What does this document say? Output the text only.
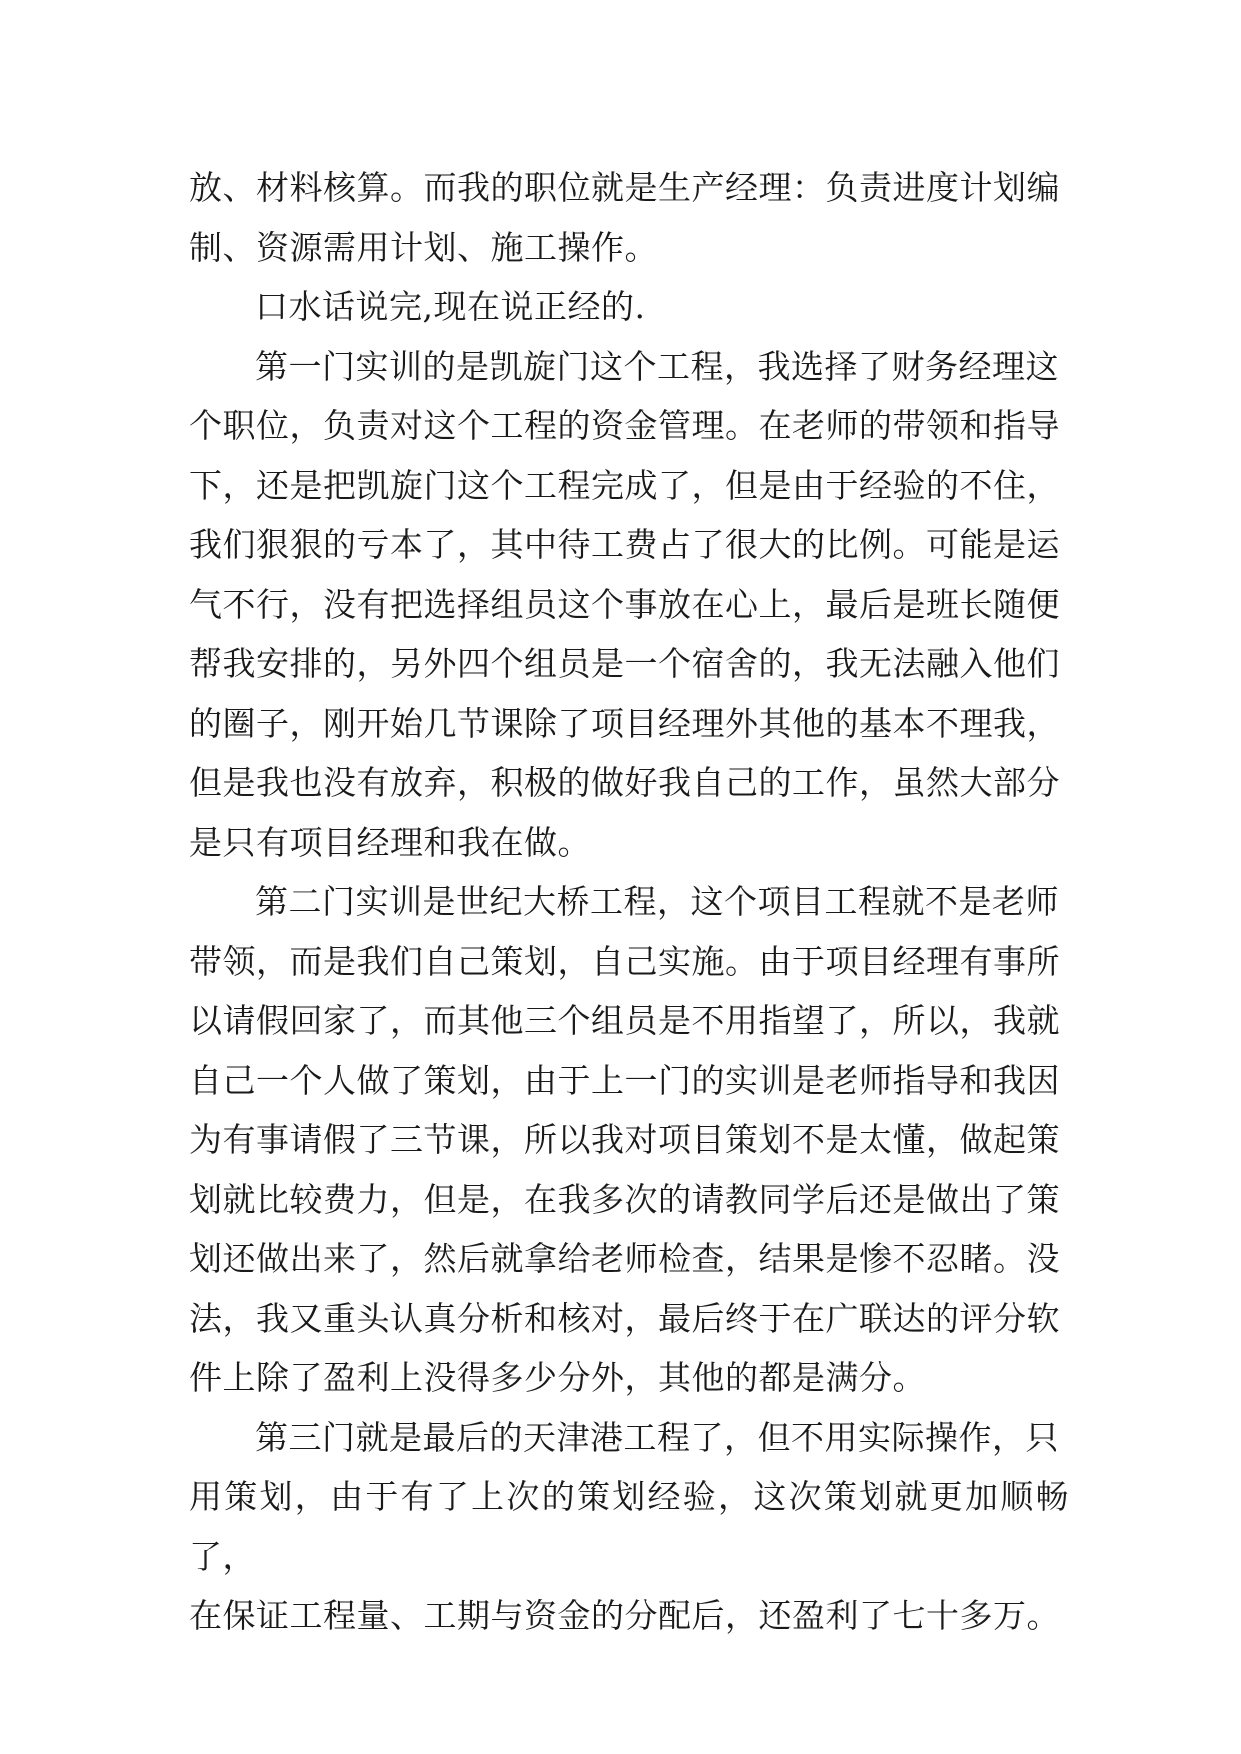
放、材料核算。而我的职位就是生产经理：负责进度计划编
制、资源需用计划、施工操作。
口水话说完,现在说正经的.
第一门实训的是凯旋门这个工程，我选择了财务经理这
个职位，负责对这个工程的资金管理。在老师的带领和指导
下，还是把凯旋门这个工程完成了，但是由于经验的不住，
我们狠狠的亏本了，其中待工费占了很大的比例。可能是运
气不行，没有把选择组员这个事放在心上，最后是班长随便
帮我安排的，另外四个组员是一个宿舍的，我无法融入他们
的圈子，刚开始几节课除了项目经理外其他的基本不理我，
但是我也没有放弃，积极的做好我自己的工作，虽然大部分
是只有项目经理和我在做。
第二门实训是世纪大桥工程，这个项目工程就不是老师
带领，而是我们自己策划，自己实施。由于项目经理有事所
以请假回家了，而其他三个组员是不用指望了，所以，我就
自己一个人做了策划，由于上一门的实训是老师指导和我因
为有事请假了三节课，所以我对项目策划不是太懂，做起策
划就比较费力，但是，在我多次的请教同学后还是做出了策
划还做出来了，然后就拿给老师检查，结果是惨不忍睹。没
法，我又重头认真分析和核对，最后终于在广联达的评分软
件上除了盈利上没得多少分外，其他的都是满分。
第三门就是最后的天津港工程了，但不用实际操作，只
用策划，由于有了上次的策划经验，这次策划就更加顺畅了，
在保证工程量、工期与资金的分配后，还盈利了七十多万。
